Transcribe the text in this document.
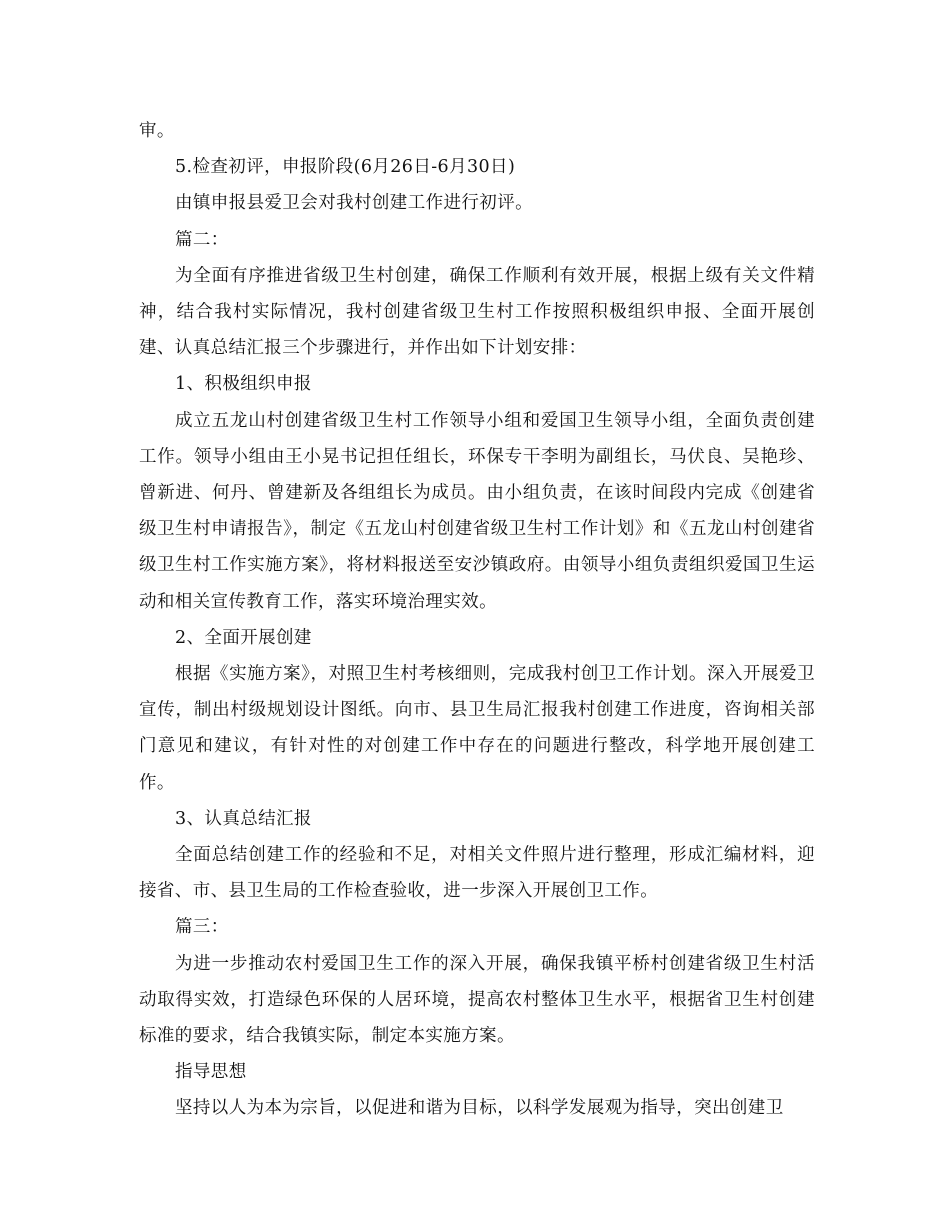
审。

5.检查初评，申报阶段(6月26日-6月30日)

由镇申报县爱卫会对我村创建工作进行初评。

篇二：

为全面有序推进省级卫生村创建，确保工作顺利有效开展，根据上级有关文件精神，结合我村实际情况，我村创建省级卫生村工作按照积极组织申报、全面开展创建、认真总结汇报三个步骤进行，并作出如下计划安排：

1、积极组织申报

成立五龙山村创建省级卫生村工作领导小组和爱国卫生领导小组，全面负责创建工作。领导小组由王小晃书记担任组长，环保专干李明为副组长，马伏良、吴艳珍、曾新进、何丹、曾建新及各组组长为成员。由小组负责，在该时间段内完成《创建省级卫生村申请报告》，制定《五龙山村创建省级卫生村工作计划》和《五龙山村创建省级卫生村工作实施方案》，将材料报送至安沙镇政府。由领导小组负责组织爱国卫生运动和相关宣传教育工作，落实环境治理实效。

2、全面开展创建

根据《实施方案》，对照卫生村考核细则，完成我村创卫工作计划。深入开展爱卫宣传，制出村级规划设计图纸。向市、县卫生局汇报我村创建工作进度，咨询相关部门意见和建议，有针对性的对创建工作中存在的问题进行整改，科学地开展创建工作。

3、认真总结汇报

全面总结创建工作的经验和不足，对相关文件照片进行整理，形成汇编材料，迎接省、市、县卫生局的工作检查验收，进一步深入开展创卫工作。

篇三：

为进一步推动农村爱国卫生工作的深入开展，确保我镇平桥村创建省级卫生村活动取得实效，打造绿色环保的人居环境，提高农村整体卫生水平，根据省卫生村创建标准的要求，结合我镇实际，制定本实施方案。

指导思想

坚持以人为本为宗旨，以促进和谐为目标，以科学发展观为指导，突出创建卫
